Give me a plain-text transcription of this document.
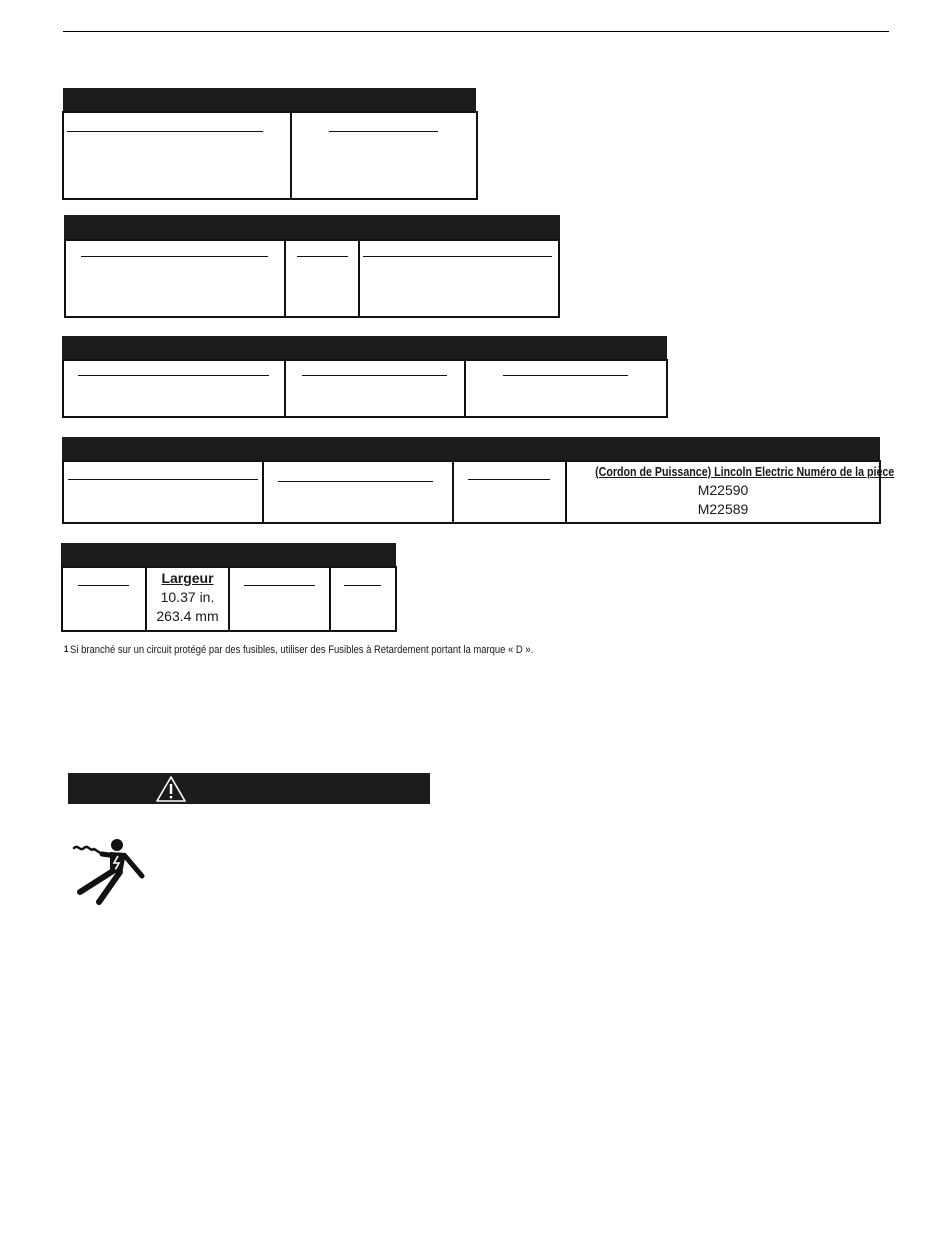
(Cordon de Puissance) Lincoln Electric Numéro de la pièce
M22590
M22589
Largeur
10.37 in.
263.4 mm
$^1$ Si branché sur un circuit protégé par des fusibles, utiliser des Fusibles à Retardement portant la marque « D ».
